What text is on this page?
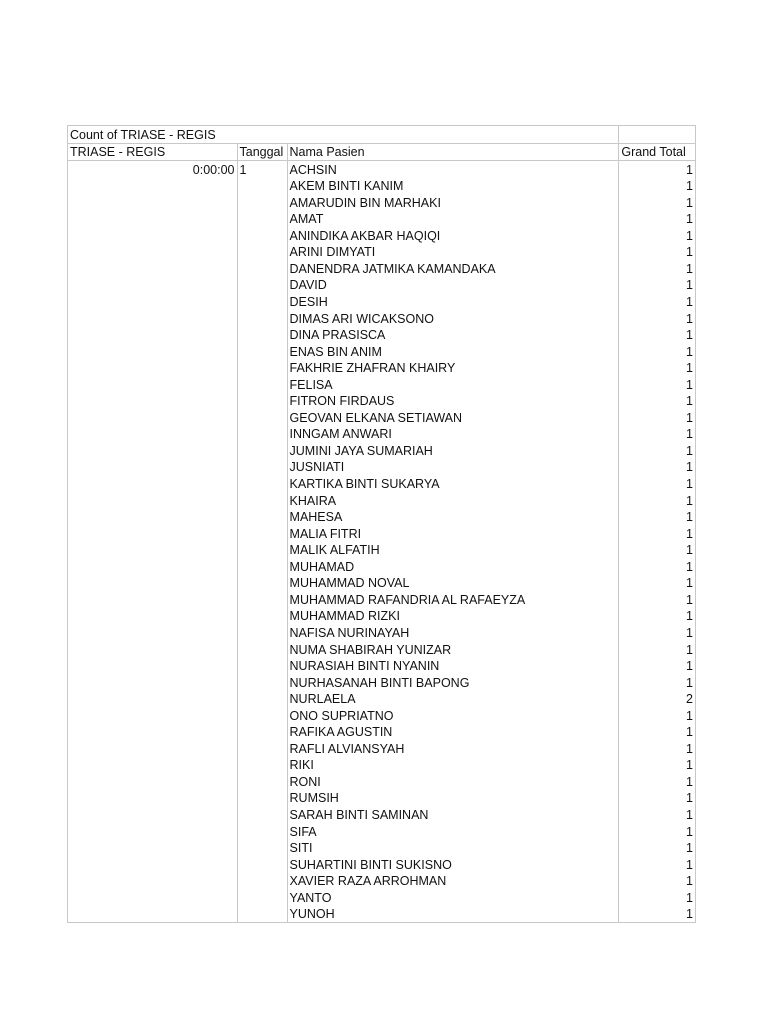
Count of TRIASE - REGIS			
TRIASE - REGIS	Tanggal	Nama Pasien	Grand Total
0:00:00	1	ACHSIN	1
		AKEM BINTI KANIM	1
		AMARUDIN BIN MARHAKI	1
		AMAT	1
		ANINDIKA AKBAR HAQIQI	1
		ARINI DIMYATI	1
		DANENDRA JATMIKA KAMANDAKA	1
		DAVID	1
		DESIH	1
		DIMAS ARI WICAKSONO	1
		DINA PRASISCA	1
		ENAS BIN ANIM	1
		FAKHRIE ZHAFRAN KHAIRY	1
		FELISA	1
		FITRON FIRDAUS	1
		GEOVAN ELKANA SETIAWAN	1
		INNGAM ANWARI	1
		JUMINI JAYA SUMARIAH	1
		JUSNIATI	1
		KARTIKA BINTI SUKARYA	1
		KHAIRA	1
		MAHESA	1
		MALIA FITRI	1
		MALIK ALFATIH	1
		MUHAMAD	1
		MUHAMMAD NOVAL	1
		MUHAMMAD RAFANDRIA AL RAFAEYZA	1
		MUHAMMAD RIZKI	1
		NAFISA NURINAYAH	1
		NUMA SHABIRAH YUNIZAR	1
		NURASIAH BINTI NYANIN	1
		NURHASANAH BINTI BAPONG	1
		NURLAELA	2
		ONO SUPRIATNO	1
		RAFIKA AGUSTIN	1
		RAFLI ALVIANSYAH	1
		RIKI	1
		RONI	1
		RUMSIH	1
		SARAH BINTI SAMINAN	1
		SIFA	1
		SITI	1
		SUHARTINI BINTI SUKISNO	1
		XAVIER RAZA ARROHMAN	1
		YANTO	1
		YUNOH	1
